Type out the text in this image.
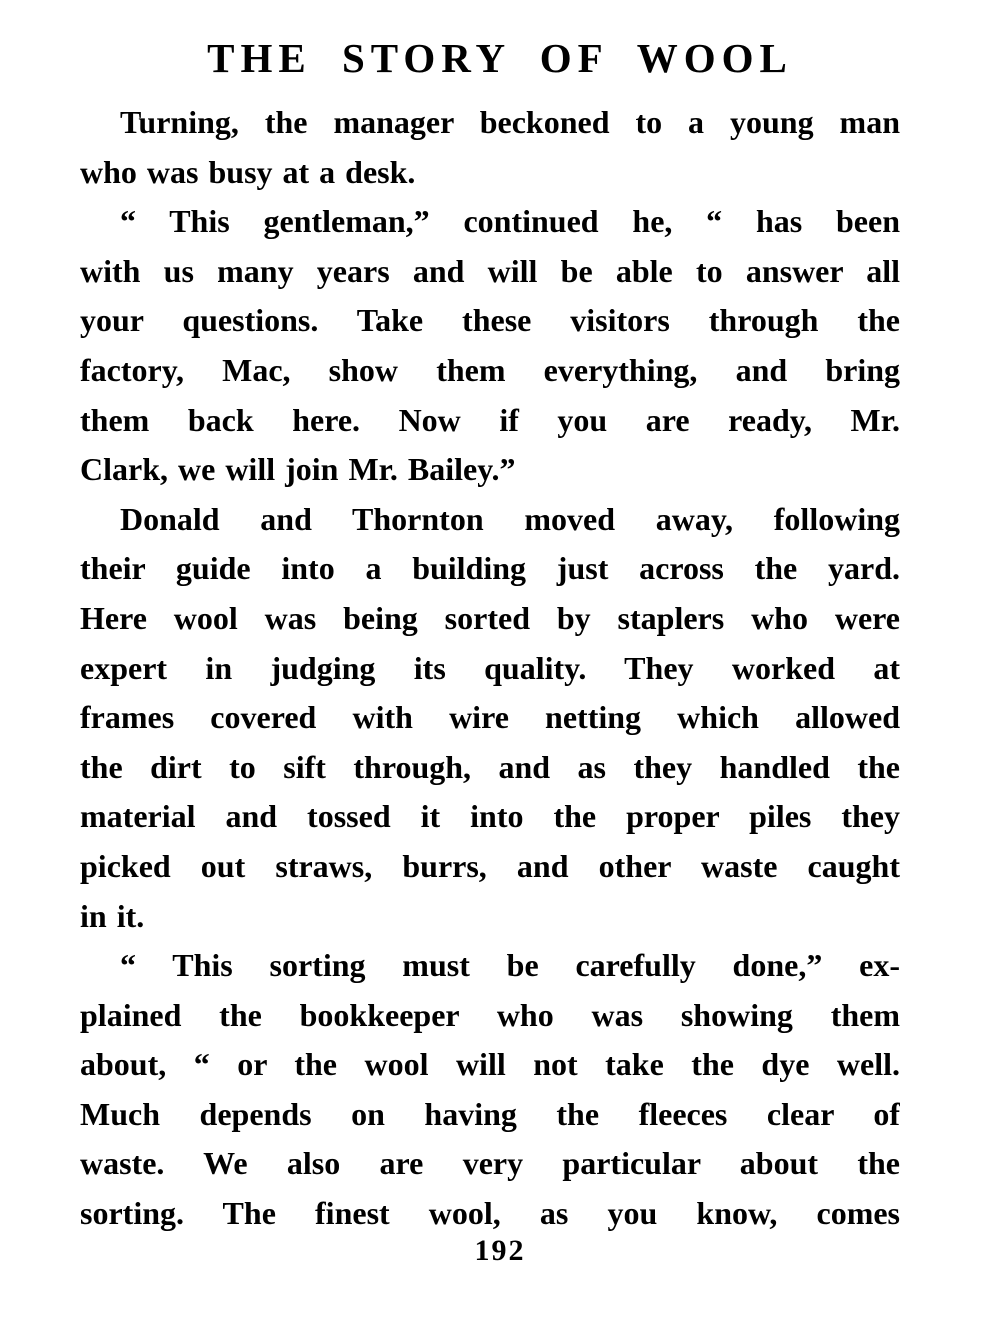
THE STORY OF WOOL
Turning, the manager beckoned to a young man
who was busy at a desk.
“ This gentleman,” continued he, “ has been
with us many years and will be able to answer all
your questions. Take these visitors through the
factory, Mac, show them everything, and bring
them back here. Now if you are ready, Mr.
Clark, we will join Mr. Bailey.”
Donald and Thornton moved away, following
their guide into a building just across the yard.
Here wool was being sorted by staplers who were
expert in judging its quality. They worked at
frames covered with wire netting which allowed
the dirt to sift through, and as they handled the
material and tossed it into the proper piles they
picked out straws, burrs, and other waste caught
in it.
“ This sorting must be carefully done,” ex-
plained the bookkeeper who was showing them
about, “ or the wool will not take the dye well.
Much depends on having the fleeces clear of
waste. We also are very particular about the
sorting. The finest wool, as you know, comes
192
